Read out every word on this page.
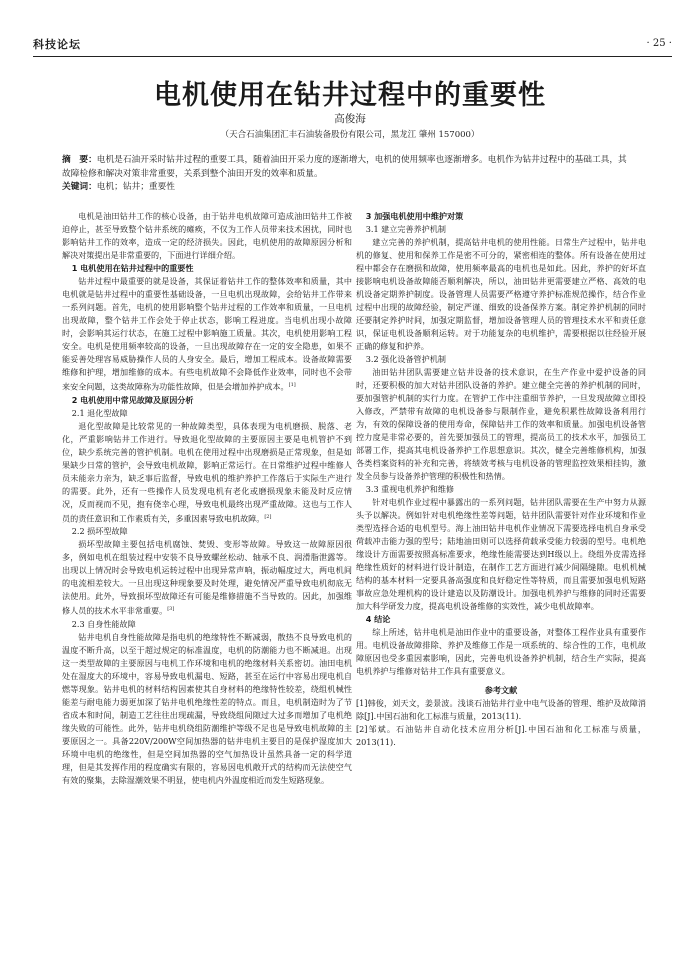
科技论坛	· 25 ·
电机使用在钻井过程中的重要性
高俊海
（天合石油集团汇丰石油装备股份有限公司，黑龙江 肇州 157000）
摘　要：电机是石油开采时钻井过程的重要工具，随着油田开采力度的逐渐增大，电机的使用频率也逐渐增多。电机作为钻井过程中的基础工具，其故障检修和解决对策非常重要，关系到整个油田开发的效率和质量。
关键词：电机；钻井；重要性

电机是油田钻井工作的核心设备，由于钻井电机故障可造成油田钻井工作被迫停止，甚至导致整个钻井系统的瘫痪，不仅为工作人员带来技术困扰，同时也影响钻井工作的效率，造成一定的经济损失。因此，电机使用的故障原因分析和解决对策提出是非常重要的，下面进行详细介绍。

1 电机使用在钻井过程中的重要性

钻井过程中最重要的就是设备，其保证着钻井工作的整体效率和质量，其中电机就是钻井过程中的重要性基础设备，一旦电机出现故障，会给钻井工作带来一系列问题。首先，电机的使用影响整个钻井过程的工作效率和质量，一旦电机出现故障，整个钻井工作会处于停止状态，影响工程进度。当电机出现小故障时，会影响其运行状态，在施工过程中影响施工质量。其次，电机使用影响工程安全。电机是使用频率较高的设备，一旦出现故障存在一定的安全隐患，如果不能妥善处理容易威胁操作人员的人身安全。最后，增加工程成本。设备故障需要维修和护理，增加维修的成本。有些电机故障不会降低作业效率，同时也不会带来安全问题，这类故障称为功能性故障，但是会增加养护成本。[1]

2 电机使用中常见故障及原因分析
2.1 退化型故障

退化型故障是比较常见的一种故障类型，具体表现为电机磨损、脱落、老化，严重影响钻井工作进行。导致退化型故障的主要原因主要是电机管护不到位，缺少系统完善的管护机制。电机在使用过程中出现磨损是正常现象，但是如果缺少日常的管护，会导致电机故障，影响正常运行。在日常维护过程中维修人员未能亲力亲为，缺乏事后监督，导致电机的维护养护工作落后于实际生产进行的需要。此外，还有一些操作人员发现电机有老化或磨损现象未能及时反应情况，反而视而不见，抱有侥幸心理，导致电机最终出现严重故障。这也与工作人员的责任意识和工作素质有关，多重因素导致电机故障。[2]

2.2 损坏型故障

损坏型故障主要包括电机腐蚀、焚毁、变形等故障。导致这一故障原因很多，例如电机在组装过程中安装不良导致螺丝松动、轴承不良、润滑脂泄露等。出现以上情况时会导致电机运转过程中出现异常声响，振动幅度过大，两电机间的电流相差较大。一旦出现这种现象要及时处理，避免情况严重导致电机彻底无法使用。此外，导致损坏型故障还有可能是维修措施不当导致的。因此，加强维修人员的技术水平非常重要。[3]

2.3 自身性能故障

钻井电机自身性能故障是指电机的绝缘特性不断减弱，散热不良导致电机的温度不断升高，以至于超过规定的标准温度，电机的防潮能力也不断减退。出现这一类型故障的主要原因与电机工作环境和电机的绝缘材料关系密切。油田电机处在湿度大的环境中，容易导致电机漏电、短路，甚至在运行中容易出现电机自燃等现象。钻井电机的材料结构因素使其自身材料的绝缘特性较差，绕组机械性能差与耐电能力弱更加深了钻井电机绝缘性差的特点。而且，电机制造时为了节省成本和时间，制造工艺往往出现疏漏，导致绕组间隙过大过多而增加了电机绝缘失败的可能性。此外，钻井电机绕组防潮维护等级不足也是导致电机故障的主要原因之一。具备220V/200W空间加热器的钻井电机主要目的是保护湿度加大环境中电机的绝缘性，但是空间加热器的空气加热设计虽然具备一定的科学道理，但是其发挥作用的程度确实有限的，容易因电机敞开式的结构而无法使空气有效的聚集，去除湿潮效果不明显，使电机内外温度相近而发生短路现象。

3 加强电机使用中维护对策
3.1 建立完善养护机制

建立完善的养护机制，提高钻井电机的使用性能。日常生产过程中，钻井电机的修复、使用和保养工作是密不可分的，紧密相连的整体。所有设备在使用过程中都会存在磨损和故障，使用频率最高的电机也是如此。因此，养护的好坏直接影响电机设备故障能否顺利解决，所以，油田钻井更需要建立严格、高效的电机设备定期养护制度。设备管理人员需要严格遵守养护标准规范操作，结合作业过程中出现的故障经验，制定严谨、细致的设备保养方案。制定养护机制的同时还要制定养护时间，加强定期监督，增加设备管理人员的管理技术水平和责任意识，保证电机设备顺利运转。对于功能复杂的电机维护，需要根据以往经验开展正确的修复和护养。

3.2 强化设备管护机制

油田钻井团队需要建立钻井设备的技术意识，在生产作业中爱护设备的同时，还要积极的加大对钻井团队设备的养护。建立健全完善的养护机制的同时，要加强管护机制的实行力度。在管护工作中注重细节养护，一旦发现故障立即投入修改，严禁带有故障的电机设备参与限制作业，避免积累性故障设备利用行为，有效的保障设备的使用寿命，保障钻井工作的效率和质量。加强电机设备管控力度是非常必要的，首先要加强员工的管理，提高员工的技术水平，加强员工部署工作，提高其电机设备养护工作思想意识。其次，健全完善维修机构，加强各类档案资料的补充和完善，将绩效考核与电机设备的管理监控效果相挂钩，激发全员参与设备养护管理的积极性和热情。

3.3 重视电机养护和维修

针对电机作业过程中暴露出的一系列问题，钻井团队需要在生产中努力从源头予以解决。例如针对电机绝缘性差等问题，钻井团队需要针对作业环境和作业类型选择合适的电机型号。海上油田钻井电机作业情况下需要选择电机自身承受荷载冲击能力强的型号；陆地油田则可以选择荷载承受能力较弱的型号。电机绝缘设计方面需要按照高标准要求，绝缘性能需要达到H级以上。绕组外皮需选择绝缘性质好的材料进行设计制造，在制作工艺方面进行减少间隔缝隙。电机机械结构的基本材料一定要具备高强度和良好稳定性等特质，而且需要加强电机短路事故应急处理机构的设计建造以及防潮设计。加强电机养护与维修的同时还需要加大科学研发力度，提高电机设备维修的实效性，减少电机故障率。

4 结论

综上所述，钻井电机是油田作业中的重要设备，对整体工程作业具有重要作用。电机设备故障排除、养护及维修工作是一项系统的、综合性的工作，电机故障原因也受多重因素影响，因此，完善电机设备养护机制，结合生产实际，提高电机养护与维修对钻井工作具有重要意义。

参考文献

[1]韩俊，刘天文，姜景波。浅谈石油钻井行业中电气设备的管理、维护及故障消除[J].中国石油和化工标准与质量，2013(11).

[2]邹斌。石油钻井自动化技术应用分析[J].中国石油和化工标准与质量，2013(11).
